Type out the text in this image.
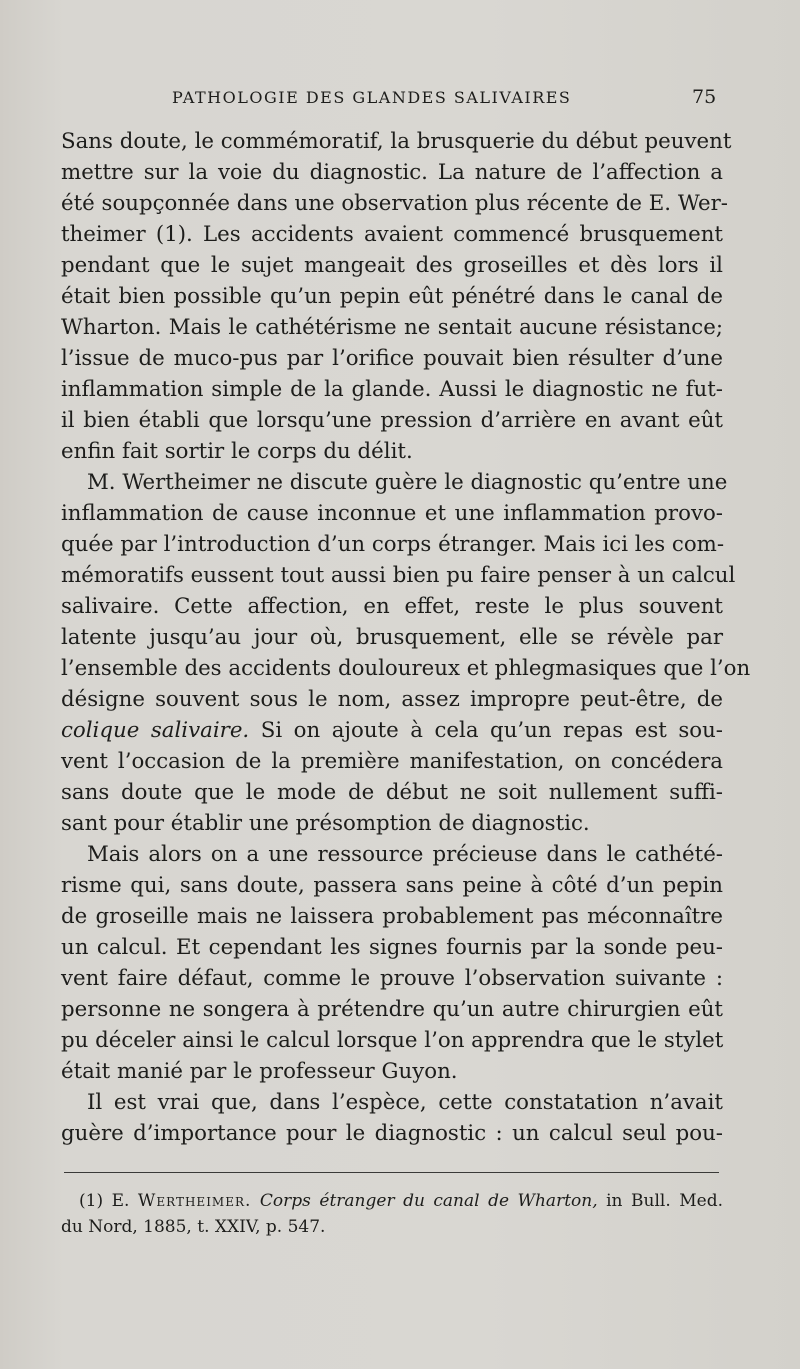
PATHOLOGIE DES GLANDES SALIVAIRES	75
Sans doute, le commémoratif, la brusquerie du début peuvent
mettre sur la voie du diagnostic. La nature de l’affection a
été soupçonnée dans une observation plus récente de E. Wer-
theimer (1). Les accidents avaient commencé brusquement
pendant que le sujet mangeait des groseilles et dès lors il
était bien possible qu’un pepin eût pénétré dans le canal de
Wharton. Mais le cathétérisme ne sentait aucune résistance;
l’issue de muco-pus par l’orifice pouvait bien résulter d’une
inflammation simple de la glande. Aussi le diagnostic ne fut-
il bien établi que lorsqu’une pression d’arrière en avant eût
enfin fait sortir le corps du délit.
M. Wertheimer ne discute guère le diagnostic qu’entre une
inflammation de cause inconnue et une inflammation provo-
quée par l’introduction d’un corps étranger. Mais ici les com-
mémoratifs eussent tout aussi bien pu faire penser à un calcul
salivaire. Cette affection, en effet, reste le plus souvent
latente jusqu’au jour où, brusquement, elle se révèle par
l’ensemble des accidents douloureux et phlegmasiques que l’on
désigne souvent sous le nom, assez impropre peut-être, de
colique salivaire. Si on ajoute à cela qu’un repas est sou-
vent l’occasion de la première manifestation, on concédera
sans doute que le mode de début ne soit nullement suffi-
sant pour établir une présomption de diagnostic.
Mais alors on a une ressource précieuse dans le cathété-
risme qui, sans doute, passera sans peine à côté d’un pepin
de groseille mais ne laissera probablement pas méconnaître
un calcul. Et cependant les signes fournis par la sonde peu-
vent faire défaut, comme le prouve l’observation suivante :
personne ne songera à prétendre qu’un autre chirurgien eût
pu déceler ainsi le calcul lorsque l’on apprendra que le stylet
était manié par le professeur Guyon.
Il est vrai que, dans l’espèce, cette constatation n’avait
guère d’importance pour le diagnostic : un calcul seul pou-
(1) E. Wertheimer. Corps étranger du canal de Wharton, in Bull. Med.
du Nord, 1885, t. XXIV, p. 547.
